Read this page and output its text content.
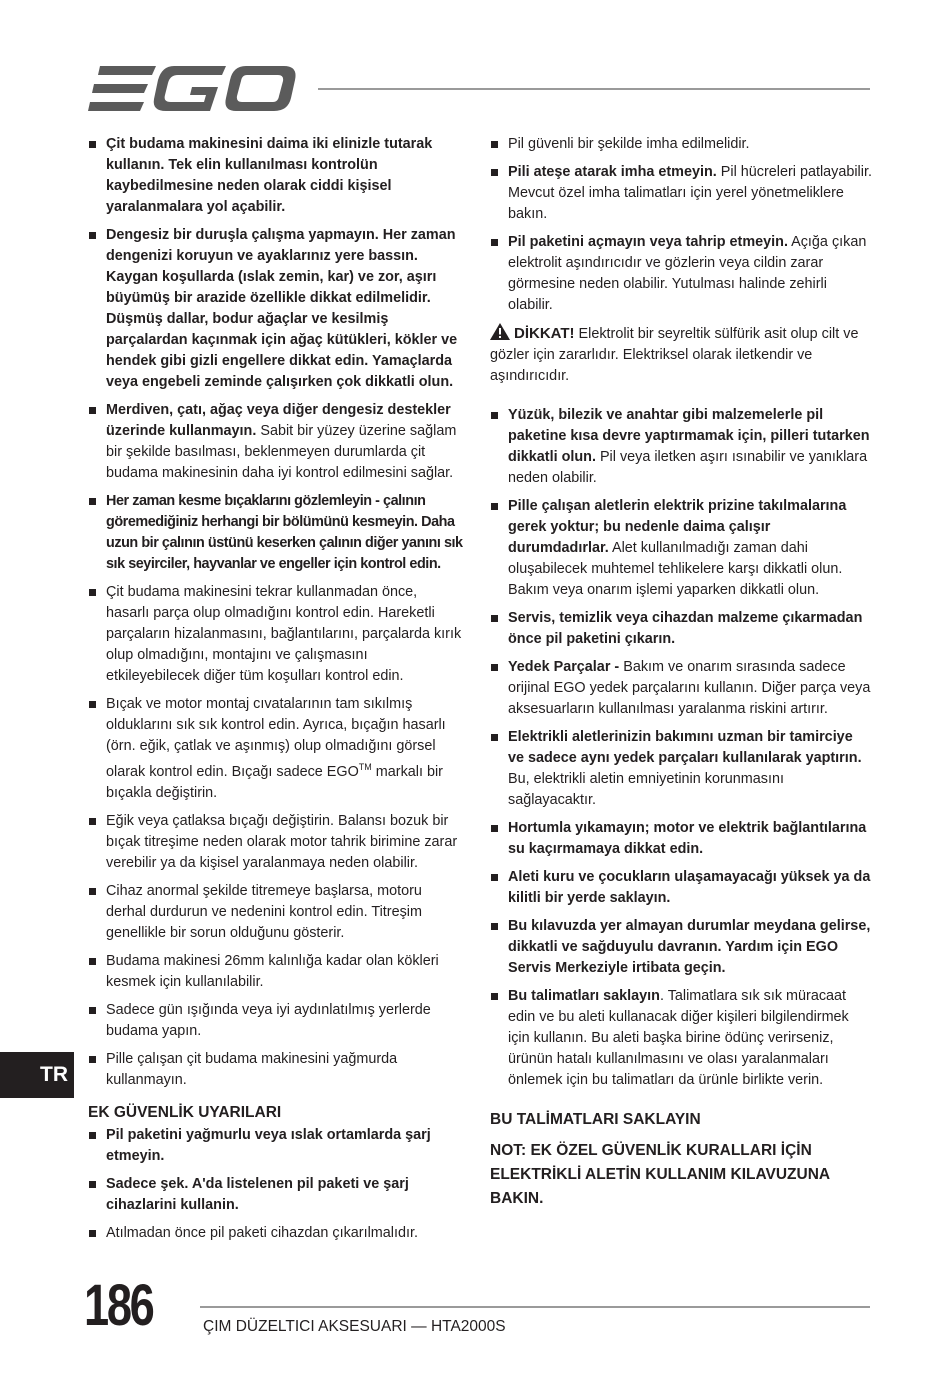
EGO
Çit budama makinesini daima iki elinizle tutarak kullanın. Tek elin kullanılması kontrolün kaybedilmesine neden olarak ciddi kişisel yaralanmalara yol açabilir.
Dengesiz bir duruşla çalışma yapmayın. Her zaman dengenizi koruyun ve ayaklarınız yere bassın. Kaygan koşullarda (ıslak zemin, kar) ve zor, aşırı büyümüş bir arazide özellikle dikkat edilmelidir. Düşmüş dallar, bodur ağaçlar ve kesilmiş parçalardan kaçınmak için ağaç kütükleri, kökler ve hendek gibi gizli engellere dikkat edin. Yamaçlarda veya engebeli zeminde çalışırken çok dikkatli olun.
Merdiven, çatı, ağaç veya diğer dengesiz destekler üzerinde kullanmayın. Sabit bir yüzey üzerine sağlam bir şekilde basılması, beklenmeyen durumlarda çit budama makinesinin daha iyi kontrol edilmesini sağlar.
Her zaman kesme bıçaklarını gözlemleyin - çalının göremediğiniz herhangi bir bölümünü kesmeyin. Daha uzun bir çalının üstünü keserken çalının diğer yanını sık sık seyirciler, hayvanlar ve engeller için kontrol edin.
Çit budama makinesini tekrar kullanmadan önce, hasarlı parça olup olmadığını kontrol edin. Hareketli parçaların hizalanmasını, bağlantılarını, parçalarda kırık olup olmadığını, montajını ve çalışmasını etkileyebilecek diğer tüm koşulları kontrol edin.
Bıçak ve motor montaj cıvatalarının tam sıkılmış olduklarını sık sık kontrol edin. Ayrıca, bıçağın hasarlı (örn. eğik, çatlak ve aşınmış) olup olmadığını görsel olarak kontrol edin. Bıçağı sadece EGO™ markalı bir bıçakla değiştirin.
Eğik veya çatlaksa bıçağı değiştirin. Balansı bozuk bir bıçak titreşime neden olarak motor tahrik birimine zarar verebilir ya da kişisel yaralanmaya neden olabilir.
Cihaz anormal şekilde titremeye başlarsa, motoru derhal durdurun ve nedenini kontrol edin. Titreşim genellikle bir sorun olduğunu gösterir.
Budama makinesi 26mm kalınlığa kadar olan kökleri kesmek için kullanılabilir.
Sadece gün ışığında veya iyi aydınlatılmış yerlerde budama yapın.
Pille çalışan çit budama makinesini yağmurda kullanmayın.
EK GÜVENLİK UYARILARI
Pil paketini yağmurlu veya ıslak ortamlarda şarj etmeyin.
Sadece şek. A'da listelenen pil paketi ve şarj cihazlarini kullanin.
Atılmadan önce pil paketi cihazdan çıkarılmalıdır.
Pil güvenli bir şekilde imha edilmelidir.
Pili ateşe atarak imha etmeyin. Pil hücreleri patlayabilir. Mevcut özel imha talimatları için yerel yönetmeliklere bakın.
Pil paketini açmayın veya tahrip etmeyin. Açığa çıkan elektrolit aşındırıcıdır ve gözlerin veya cildin zarar görmesine neden olabilir. Yutulması halinde zehirli olabilir.
DİKKAT! Elektrolit bir seyreltik sülfürik asit olup cilt ve gözler için zararlıdır. Elektriksel olarak iletkendir ve aşındırıcıdır.
Yüzük, bilezik ve anahtar gibi malzemelerle pil paketine kısa devre yaptırmamak için, pilleri tutarken dikkatli olun. Pil veya iletken aşırı ısınabilir ve yanıklara neden olabilir.
Pille çalışan aletlerin elektrik prizine takılmalarına gerek yoktur; bu nedenle daima çalışır durumdadırlar. Alet kullanılmadığı zaman dahi oluşabilecek muhtemel tehlikelere karşı dikkatli olun. Bakım veya onarım işlemi yaparken dikkatli olun.
Servis, temizlik veya cihazdan malzeme çıkarmadan önce pil paketini çıkarın.
Yedek Parçalar - Bakım ve onarım sırasında sadece orijinal EGO yedek parçalarını kullanın. Diğer parça veya aksesuarların kullanılması yaralanma riskini artırır.
Elektrikli aletlerinizin bakımını uzman bir tamirciye ve sadece aynı yedek parçaları kullanılarak yaptırın. Bu, elektrikli aletin emniyetinin korunmasını sağlayacaktır.
Hortumla yıkamayın; motor ve elektrik bağlantılarına su kaçırmamaya dikkat edin.
Aleti kuru ve çocukların ulaşamayacağı yüksek ya da kilitli bir yerde saklayın.
Bu kılavuzda yer almayan durumlar meydana gelirse, dikkatli ve sağduyulu davranın. Yardım için EGO Servis Merkeziyle irtibata geçin.
Bu talimatları saklayın. Talimatlara sık sık müracaat edin ve bu aleti kullanacak diğer kişileri bilgilendirmek için kullanın. Bu aleti başka birine ödünç verirseniz, ürünün hatalı kullanılmasını ve olası yaralanmaları önlemek için bu talimatları da ürünle birlikte verin.
BU TALİMATLARI SAKLAYIN
NOT: EK ÖZEL GÜVENLİK KURALLARI İÇİN ELEKTRİKLİ ALETİN KULLANIM KILAVUZUNA BAKIN.
TR
186	ÇIM DÜZELTICI AKSESUARI — HTA2000S
